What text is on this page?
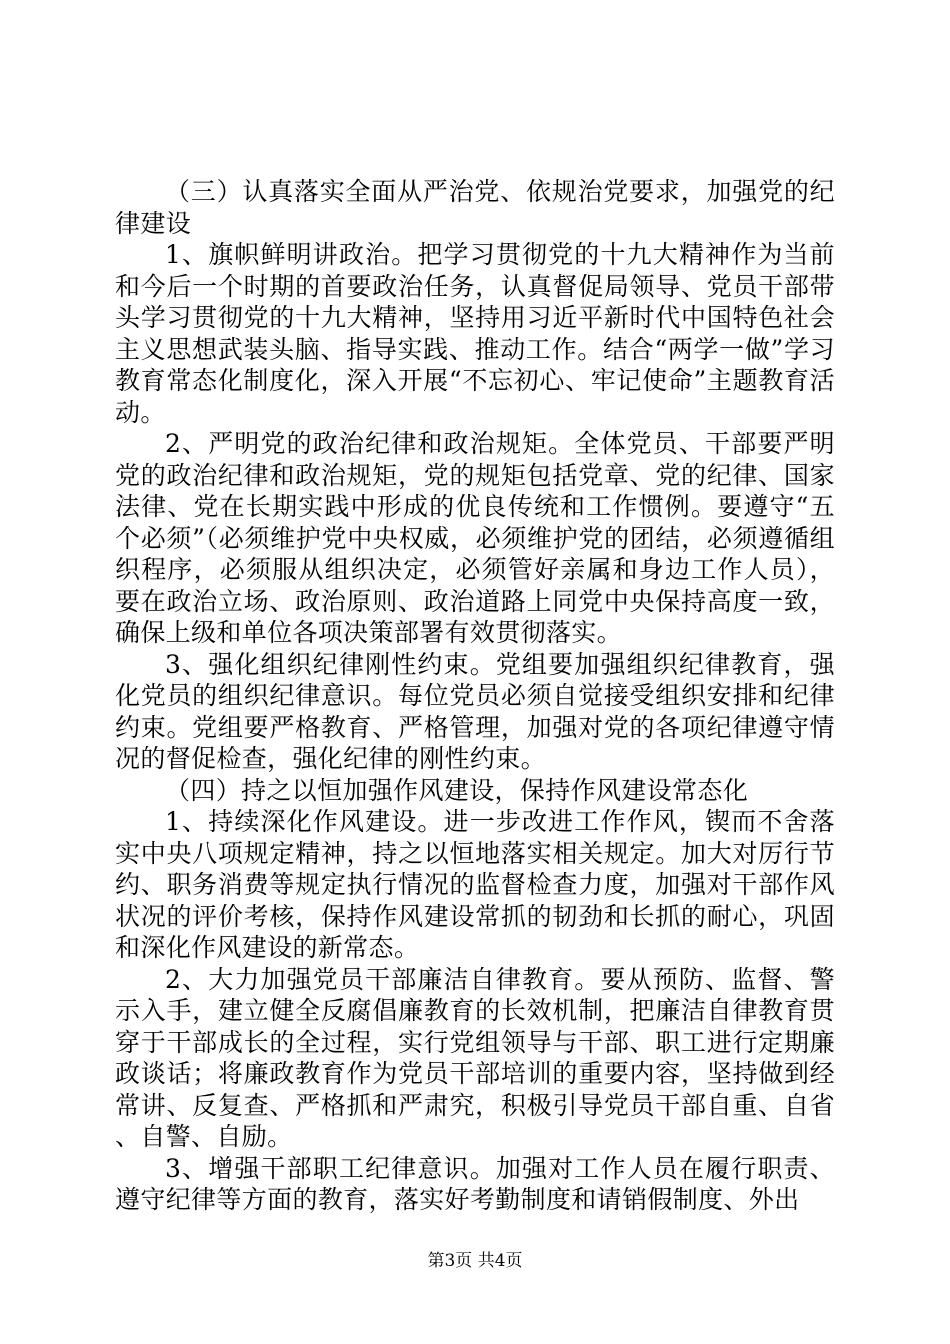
（三）认真落实全面从严治党、依规治党要求，加强党的纪律建设

1、旗帜鲜明讲政治。把学习贯彻党的十九大精神作为当前和今后一个时期的首要政治任务，认真督促局领导、党员干部带头学习贯彻党的十九大精神，坚持用习近平新时代中国特色社会主义思想武装头脑、指导实践、推动工作。结合“两学一做”学习教育常态化制度化，深入开展“不忘初心、牢记使命”主题教育活动。

2、严明党的政治纪律和政治规矩。全体党员、干部要严明党的政治纪律和政治规矩，党的规矩包括党章、党的纪律、国家法律、党在长期实践中形成的优良传统和工作惯例。要遵守“五个必须”（必须维护党中央权威，必须维护党的团结，必须遵循组织程序，必须服从组织决定，必须管好亲属和身边工作人员），要在政治立场、政治原则、政治道路上同党中央保持高度一致，确保上级和单位各项决策部署有效贯彻落实。

3、强化组织纪律刚性约束。党组要加强组织纪律教育，强化党员的组织纪律意识。每位党员必须自觉接受组织安排和纪律约束。党组要严格教育、严格管理，加强对党的各项纪律遵守情况的督促检查，强化纪律的刚性约束。

（四）持之以恒加强作风建设，保持作风建设常态化

1、持续深化作风建设。进一步改进工作作风，锲而不舍落实中央八项规定精神，持之以恒地落实相关规定。加大对厉行节约、职务消费等规定执行情况的监督检查力度，加强对干部作风状况的评价考核，保持作风建设常抓的韧劲和长抓的耐心，巩固和深化作风建设的新常态。

2、大力加强党员干部廉洁自律教育。要从预防、监督、警示入手，建立健全反腐倡廉教育的长效机制，把廉洁自律教育贯穿于干部成长的全过程，实行党组领导与干部、职工进行定期廉政谈话；将廉政教育作为党员干部培训的重要内容，坚持做到经常讲、反复查、严格抓和严肃究，积极引导党员干部自重、自省、自警、自励。

3、增强干部职工纪律意识。加强对工作人员在履行职责、遵守纪律等方面的教育，落实好考勤制度和请销假制度、外出

第3页 共4页
